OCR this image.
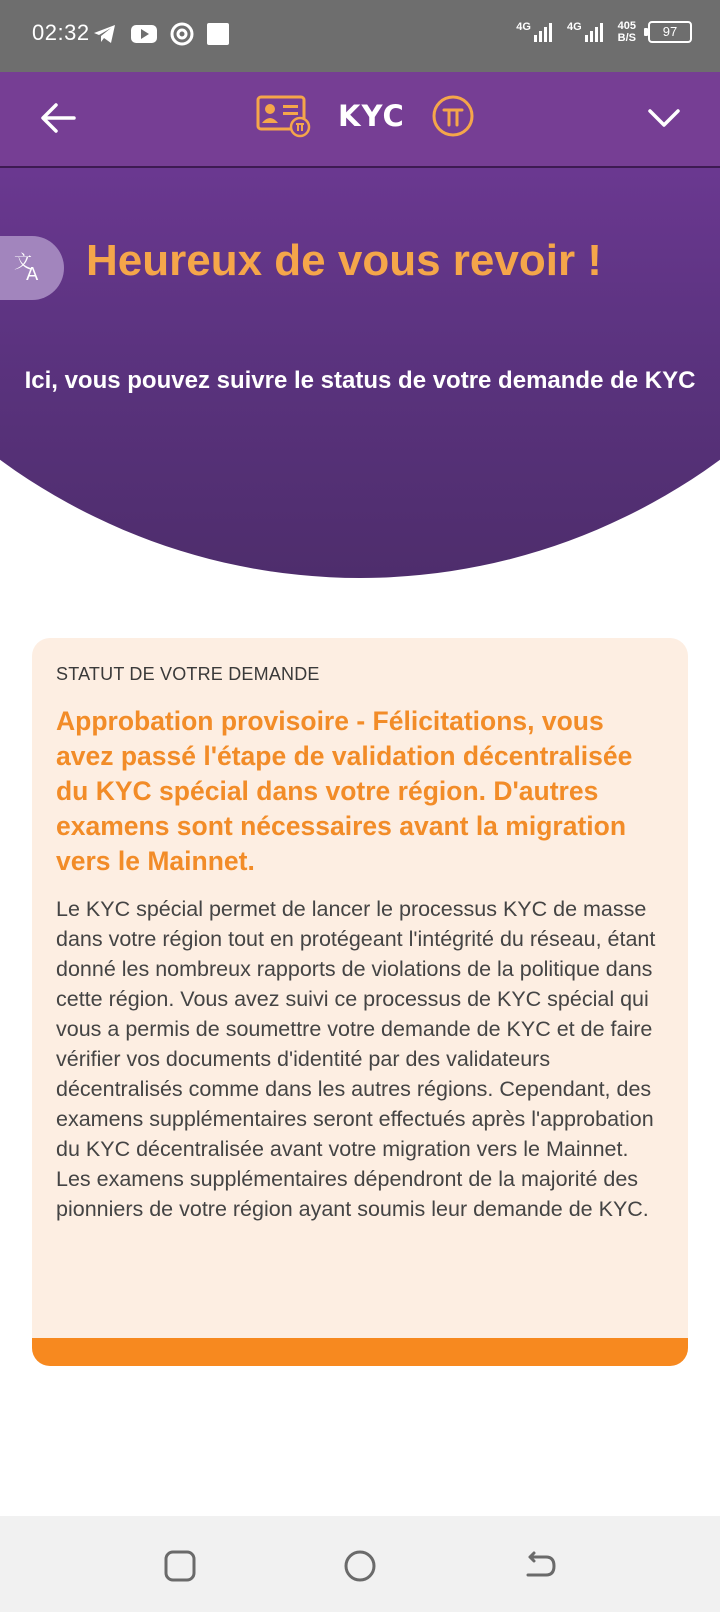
02:32	4G	4G	405
B/S	97
文
A Heureux de vous revoir !
Ici, vous pouvez suivre le status de votre demande de KYC
KYC
STATUT DE VOTRE DEMANDE
Approbation provisoire - Félicitations, vous avez passé l'étape de validation décentralisée du KYC spécial dans votre région. D'autres examens sont nécessaires avant la migration vers le Mainnet.
Le KYC spécial permet de lancer le processus KYC de masse dans votre région tout en protégeant l'intégrité du réseau, étant donné les nombreux rapports de violations de la politique dans cette région. Vous avez suivi ce processus de KYC spécial qui vous a permis de soumettre votre demande de KYC et de faire vérifier vos documents d'identité par des validateurs décentralisés comme dans les autres régions. Cependant, des examens supplémentaires seront effectués après l'approbation du KYC décentralisée avant votre migration vers le Mainnet. Les examens supplémentaires dépendront de la majorité des pionniers de votre région ayant soumis leur demande de KYC.
